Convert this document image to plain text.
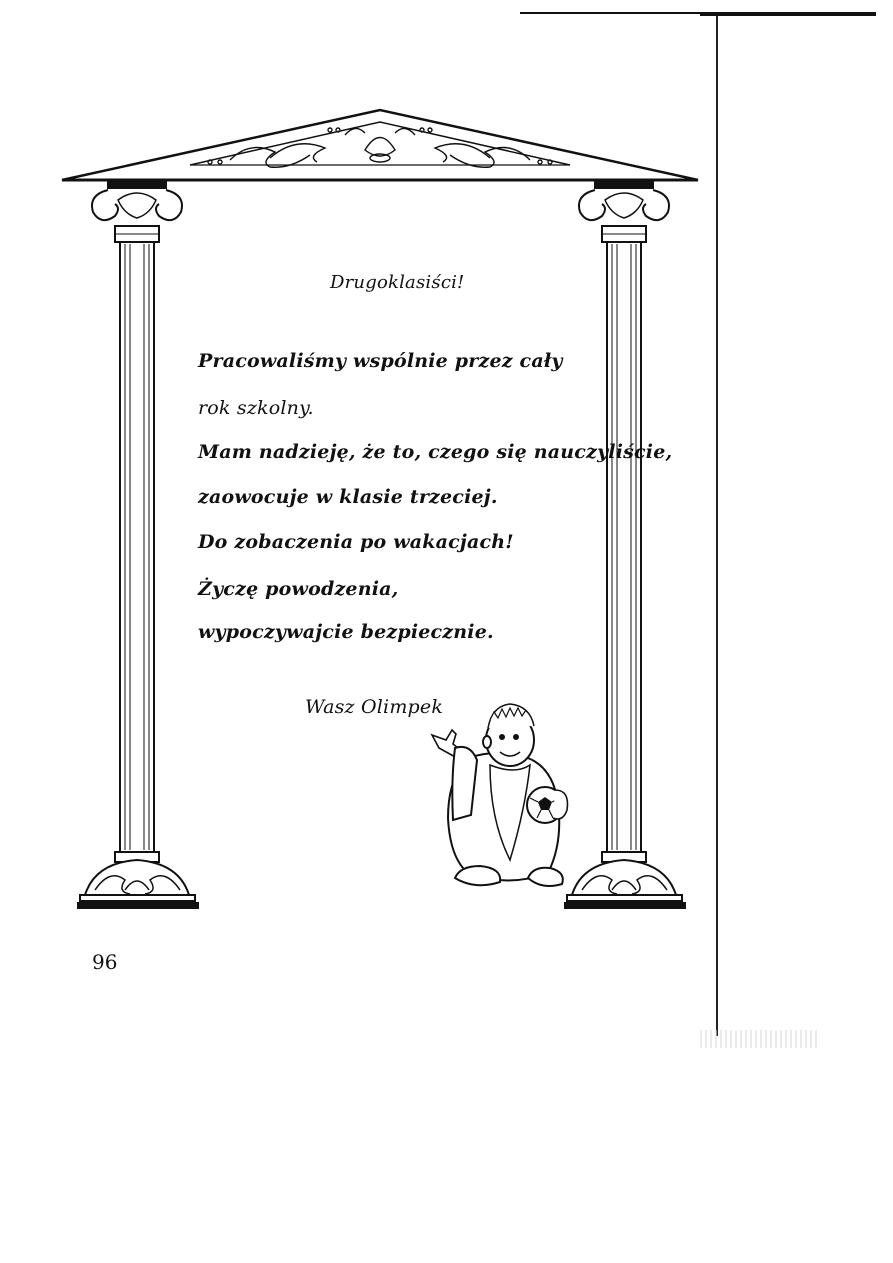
Drugoklasiści!
Pracowaliśmy wspólnie przez cały
rok szkolny.
Mam nadzieję, że to, czego się nauczyliście,
zaowocuje w klasie trzeciej.
Do zobaczenia po wakacjach!
Życzę powodzenia,
wypoczywajcie bezpiecznie.
Wasz Olimpek
96
